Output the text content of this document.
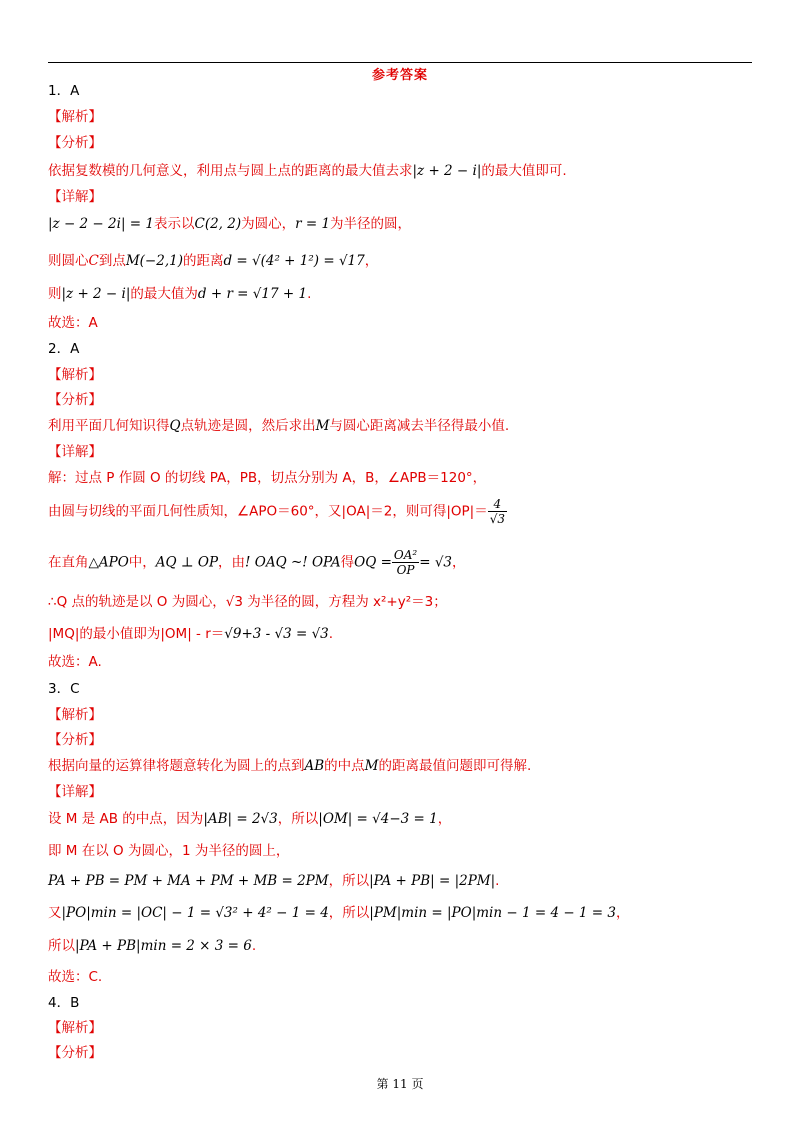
参考答案
1．A
【解析】
【分析】
依据复数模的几何意义，利用点与圆上点的距离的最大值去求|z + 2 − i|的最大值即可.
【详解】
|z − 2 − 2i| = 1表示以C(2, 2)为圆心，r = 1为半径的圆，
则圆心C到点M(−2,1)的距离d = √(4² + 1²) = √17，
则|z + 2 − i|的最大值为d + r = √17 + 1.
故选：A
2．A
【解析】
【分析】
利用平面几何知识得Q点轨迹是圆，然后求出M与圆心距离减去半径得最小值.
【详解】
解：过点 P 作圆 O 的切线 PA，PB，切点分别为 A，B，∠APB＝120°，
由圆与切线的平面几何性质知，∠APO＝60°，又|OA|＝2，则可得$|OP|= \frac{4}{√3}$
在直角△APO中，AQ ⊥ OP，由! OAQ ~! OPA得OQ = $\frac{\text{OA²}}{OP} = √3$，
∴Q 点的轨迹是以 O 为圆心，√3 为半径的圆，方程为 x²+y²＝3；
|MQ|的最小值即为|OM| - r＝√9+3 - √3 = √3.
故选：A.
3．C
【解析】
【分析】
根据向量的运算律将题意转化为圆上的点到AB的中点M的距离最值问题即可得解.
【详解】
设 M 是 AB 的中点，因为|AB| = 2√3，所以|OM| = √4−3 = 1，
即 M 在以 O 为圆心，1 为半径的圆上，
PA + PB = PM + MA + PM + MB = 2PM，所以|PA + PB| = |2PM|.
又|PO|min = |OC| − 1 = √3² + 4² − 1 = 4，所以|PM|min = |PO|min − 1 = 4 − 1 = 3，
所以|PA + PB|min = 2 × 3 = 6.
故选：C.
4．B
【解析】
【分析】
第 11 页
